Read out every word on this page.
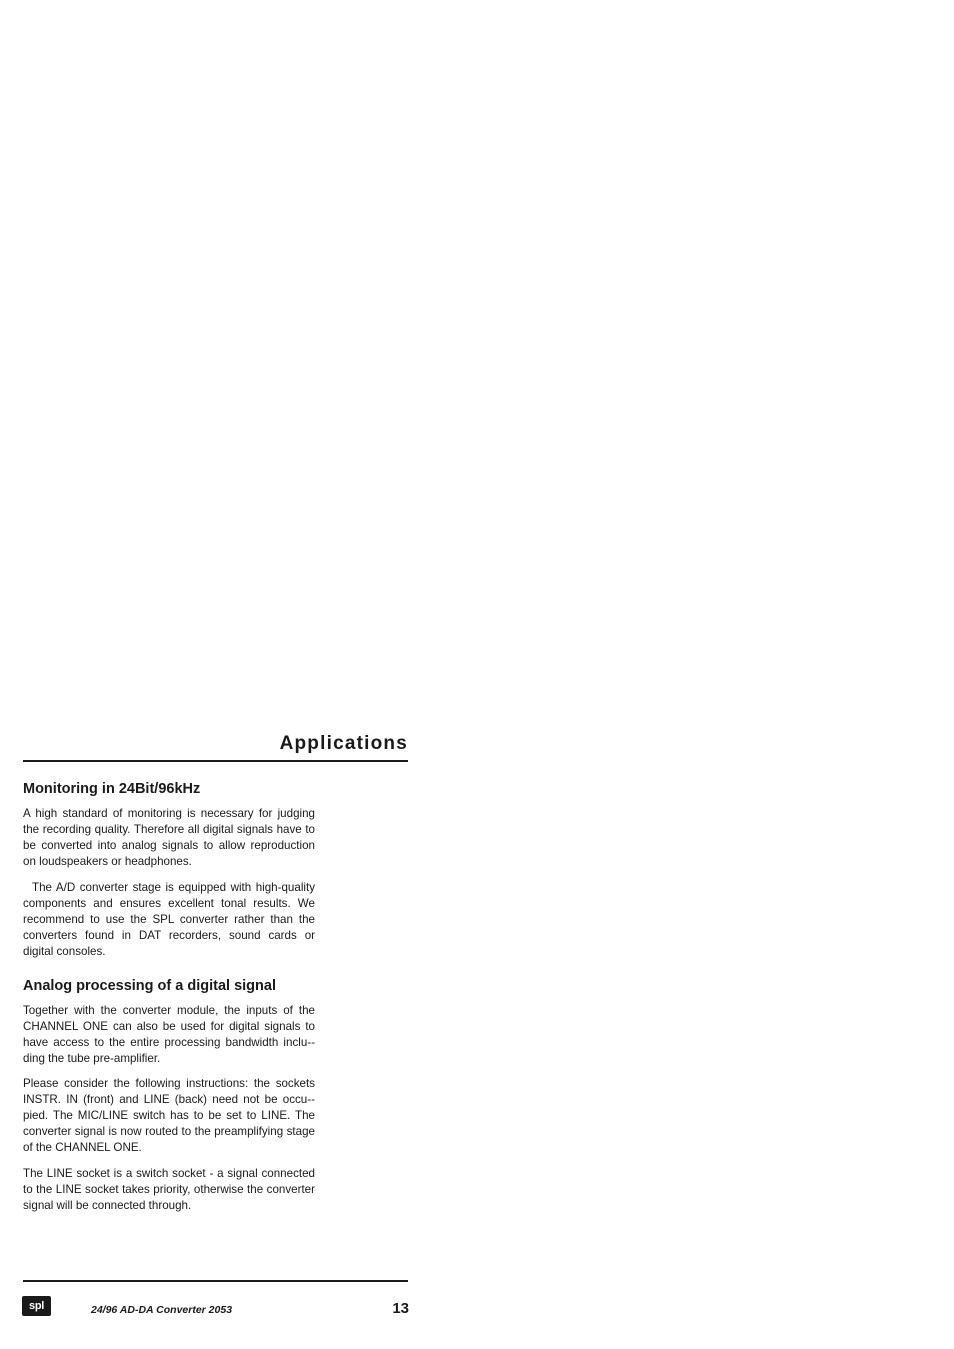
Applications
Monitoring in 24Bit/96kHz

A high standard of monitoring is necessary for judging the recording quality. Therefore all digital signals have to be converted into analog signals to allow reproduction on loudspeakers or headphones.

The A/D converter stage is equipped with high-quality components and ensures excellent tonal results. We recommend to use the SPL converter rather than the converters found in DAT recorders, sound cards or digital consoles.

Analog processing of a digital signal

Together with the converter module, the inputs of the CHANNEL ONE can also be used for digital signals to have access to the entire processing bandwidth inclu-ding the tube pre-amplifier.

Please consider the following instructions: the sockets INSTR. IN (front) and LINE (back) need not be occu-pied. The MIC/LINE switch has to be set to LINE. The converter signal is now routed to the preamplifying stage of the CHANNEL ONE.

The LINE socket is a switch socket - a signal connected to the LINE socket takes priority, otherwise the converter signal will be connected through.

spl	24/96 AD-DA Converter 2053	13
